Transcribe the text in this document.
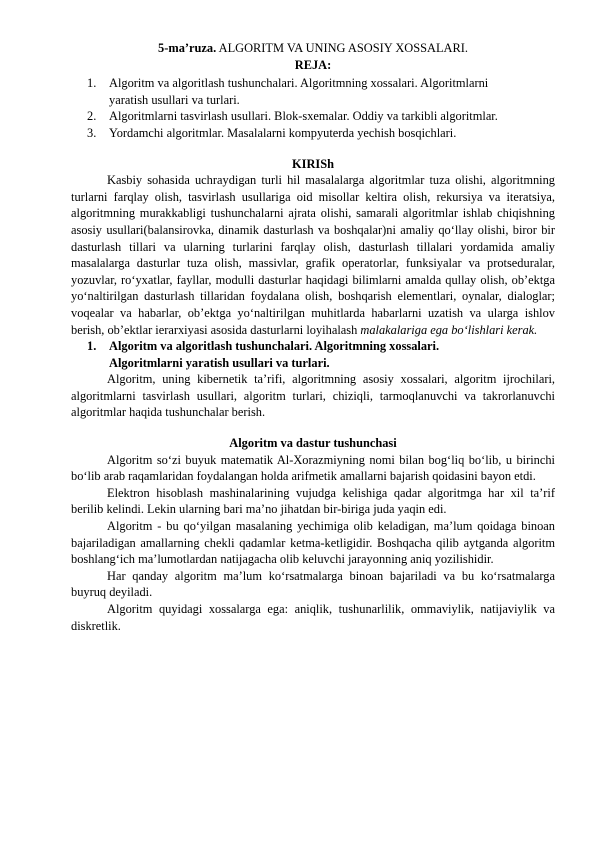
5-ma’ruza. ALGORITM VA UNING ASOSIY XOSSALARI.

REJA:
1. Algoritm va algoritlash tushunchalari. Algoritmning xossalari. Algoritmlarni yaratish usullari va turlari.
2. Algoritmlarni tasvirlash usullari. Blok-sxemalar. Oddiy va tarkibli algoritmlar.
3. Yordamchi algoritmlar. Masalalarni kompyuterda yechish bosqichlari.
KIRISh

Kasbiy sohasida uchraydigan turli hil masalalarga algoritmlar tuza olishi, algoritmning turlarni farqlay olish, tasvirlash usullariga oid misollar keltira olish, rekursiya va iteratsiya, algoritmning murakkabligi tushunchalarni ajrata olishi, samarali algoritmlar ishlab chiqishning asosiy usullari(balansirovka, dinamik dasturlash va boshqalar)ni amaliy qo‘llay olishi, biror bir dasturlash tillari va ularning turlarini farqlay olish, dasturlash tillalari yordamida amaliy masalalarga dasturlar tuza olish, massivlar, grafik operatorlar, funksiyalar va protseduralar, yozuvlar, ro‘yxatlar, fayllar, modulli dasturlar haqidagi bilimlarni amalda qullay olish, ob’ektga yo‘naltirilgan dasturlash tillaridan foydalana olish, boshqarish elementlari, oynalar, dialoglar; voqealar va habarlar, ob’ektga yo‘naltirilgan muhitlarda habarlarni uzatish va ularga ishlov berish, ob’ektlar ierarxiyasi asosida dasturlarni loyihalash malakalariga ega bo‘lishlari kerak.

1. Algoritm va algoritlash tushunchalari. Algoritmning xossalari.
Algoritmlarni yaratish usullari va turlari.

Algoritm, uning kibernetik ta’rifi, algoritmning asosiy xossalari, algoritm ijrochilari, algoritmlarni tasvirlash usullari, algoritm turlari, chiziqli, tarmoqlanuvchi va takrorlanuvchi algoritmlar haqida tushunchalar berish.

Algoritm va dastur tushunchasi

Algoritm so‘zi buyuk matematik Al-Xorazmiyning nomi bilan bog‘liq bo‘lib, u birinchi bo‘lib arab raqamlaridan foydalangan holda arifmetik amallarni bajarish qoidasini bayon etdi.

Elektron hisoblash mashinalarining vujudga kelishiga qadar algoritmga har xil ta’rif berilib kelindi. Lekin ularning bari ma’no jihatdan bir-biriga juda yaqin edi.

Algoritm - bu qo‘yilgan masalaning yechimiga olib keladigan, ma’lum qoidaga binoan bajariladigan amallarning chekli qadamlar ketma-ketligidir. Boshqacha qilib aytganda algoritm boshlang‘ich ma’lumotlardan natijagacha olib keluvchi jarayonning aniq yozilishidir.

Har qanday algoritm ma’lum ko‘rsatmalarga binoan bajariladi va bu ko‘rsatmalarga buyruq deyiladi.

Algoritm quyidagi xossalarga ega: aniqlik, tushunarlilik, ommaviylik, natijaviylik va diskretlik.
